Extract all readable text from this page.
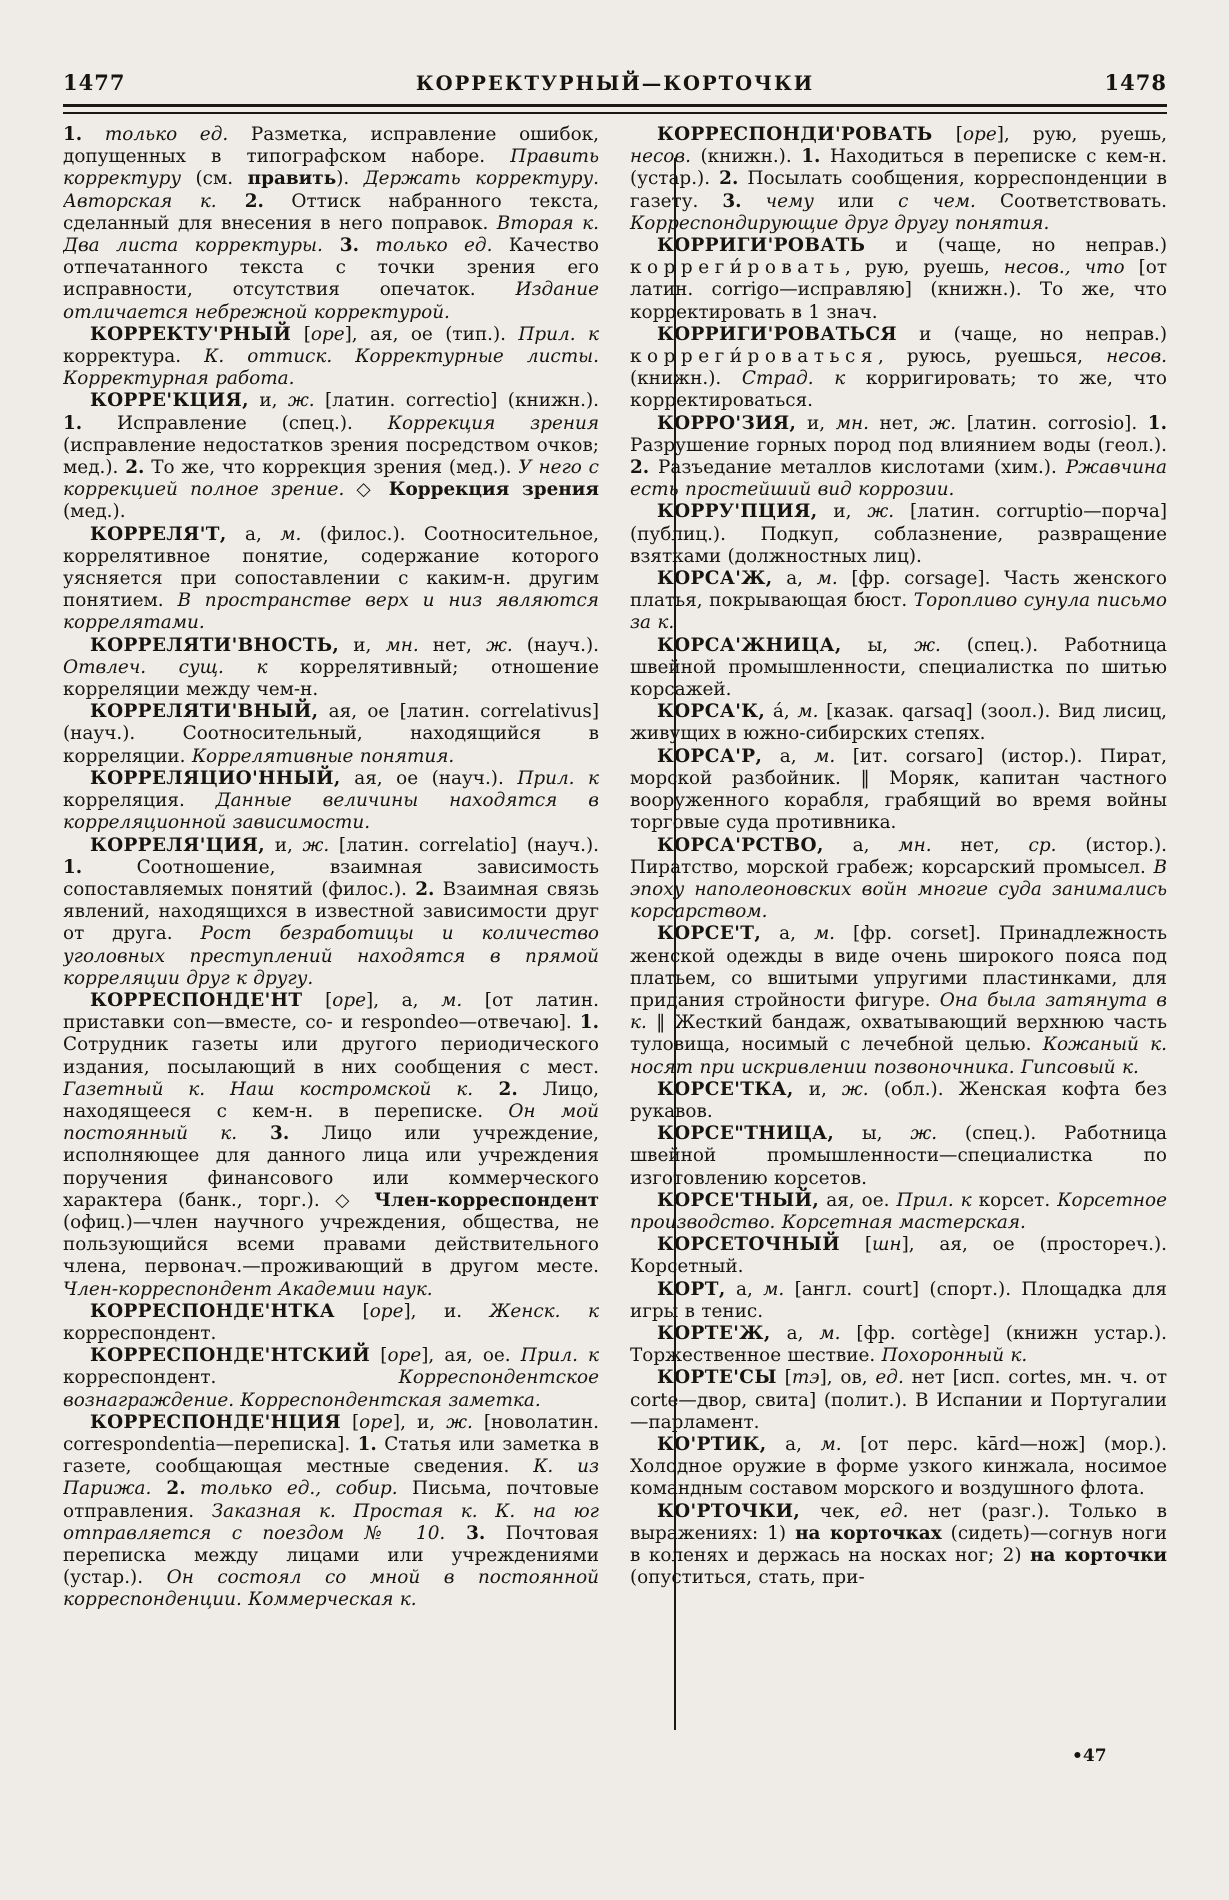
1477	КОРРЕКТУРНЫЙ—КОРТОЧКИ	1478

1. только ед. Разметка, исправление ошибок, допущенных в типографском наборе. Править корректуру (см. править). Держать корректуру. Авторская к. 2. Оттиск набранного текста, сделанный для внесения в него поправок. Вторая к. Два листа корректуры. 3. только ед. Качество отпечатанного текста с точки зрения его исправности, отсутствия опечаток. Издание отличается небрежной корректурой.

КОРРЕКТУ'РНЫЙ [оре], ая, ое (тип.). Прил. к корректура. К. оттиск. Корректурные листы. Корректурная работа.

КОРРЕ'КЦИЯ, и, ж. [латин. correctio] (книжн.). 1. Исправление (спец.). Коррекция зрения (исправление недостатков зрения посредством очков; мед.). 2. То же, что коррекция зрения (мед.). У него с коррекцией полное зрение. ◇ Коррекция зрения (мед.).

КОРРЕЛЯ'Т, а, м. (филос.). Соотносительное, коррелятивное понятие, содержание которого уясняется при сопоставлении с каким-н. другим понятием. В пространстве верх и низ являются коррелятами.

КОРРЕЛЯТИ'ВНОСТЬ, и, мн. нет, ж. (науч.). Отвлеч. сущ. к коррелятивный; отношение корреляции между чем-н.

КОРРЕЛЯТИ'ВНЫЙ, ая, ое [латин. correlativus] (науч.). Соотносительный, находящийся в корреляции. Коррелятивные понятия.

КОРРЕЛЯЦИО'ННЫЙ, ая, ое (науч.). Прил. к корреляция. Данные величины находятся в корреляционной зависимости.

КОРРЕЛЯ'ЦИЯ, и, ж. [латин. correlatio] (науч.). 1. Соотношение, взаимная зависимость сопоставляемых понятий (филос.). 2. Взаимная связь явлений, находящихся в известной зависимости друг от друга. Рост безработицы и количество уголовных преступлений находятся в прямой корреляции друг к другу.

КОРРЕСПОНДЕ'НТ [оре], а, м. [от латин. приставки con—вместе, со- и respondeo—отвечаю]. 1. Сотрудник газеты или другого периодического издания, посылающий в них сообщения с мест. Газетный к. Наш костромской к. 2. Лицо, находящееся с кем-н. в переписке. Он мой постоянный к. 3. Лицо или учреждение, исполняющее для данного лица или учреждения поручения финансового или коммерческого характера (банк., торг.). ◇ Член-корреспондент (офиц.)—член научного учреждения, общества, не пользующийся всеми правами действительного члена, первонач.—проживающий в другом месте. Член-корреспондент Академии наук.

КОРРЕСПОНДЕ'НТКА [оре], и. Женск. к корреспондент.

КОРРЕСПОНДЕ'НТСКИЙ [оре], ая, ое. Прил. к корреспондент. Корреспондентское вознаграждение. Корреспондентская заметка.

КОРРЕСПОНДЕ'НЦИЯ [оре], и, ж. [новолатин. correspondentia—переписка]. 1. Статья или заметка в газете, сообщающая местные сведения. К. из Парижа. 2. только ед., собир. Письма, почтовые отправления. Заказная к. Простая к. К. на юг отправляется с поездом № 10. 3. Почтовая переписка между лицами или учреждениями (устар.). Он состоял со мной в постоянной корреспонденции. Коммерческая к.

КОРРЕСПОНДИ'РОВАТЬ [оре], рую, руешь, несов. (книжн.). 1. Находиться в переписке с кем-н. (устар.). 2. Посылать сообщения, корреспонденции в газету. 3. чему или с чем. Соответствовать. Корреспондирующие друг другу понятия.

КОРРИГИ'РОВАТЬ и (чаще, но неправ.) корреги́ровать, рую, руешь, несов., что [от латин. corrigo—исправляю] (книжн.). То же, что корректировать в 1 знач.

КОРРИГИ'РОВАТЬСЯ и (чаще, но неправ.) корреги́роваться, руюсь, руешься, несов. (книжн.). Страд. к корригировать; то же, что корректироваться.

КОРРО'ЗИЯ, и, мн. нет, ж. [латин. corrosio]. 1. Разрушение горных пород под влиянием воды (геол.). 2. Разъедание металлов кислотами (хим.). Ржавчина есть простейший вид коррозии.

КОРРУ'ПЦИЯ, и, ж. [латин. corruptio—порча] (публиц.). Подкуп, соблазнение, развращение взятками (должностных лиц).

КОРСА'Ж, а, м. [фр. corsage]. Часть женского платья, покрывающая бюст. Торопливо сунула письмо за к.

КОРСА'ЖНИЦА, ы, ж. (спец.). Работница швейной промышленности, специалистка по шитью корсажей.

КОРСА'К, а́, м. [казак. qarsaq] (зоол.). Вид лисиц, живущих в южно-сибирских степях.

КОРСА'Р, а, м. [ит. corsaro] (истор.). Пират, морской разбойник. ‖ Моряк, капитан частного вооруженного корабля, грабящий во время войны торговые суда противника.

КОРСА'РСТВО, а, мн. нет, ср. (истор.). Пиратство, морской грабеж; корсарский промысел. В эпоху наполеоновских войн многие суда занимались корсарством.

КОРСЕ'Т, а, м. [фр. corset]. Принадлежность женской одежды в виде очень широкого пояса под платьем, со вшитыми упругими пластинками, для придания стройности фигуре. Она была затянута в к. ‖ Жесткий бандаж, охватывающий верхнюю часть туловища, носимый с лечебной целью. Кожаный к. носят при искривлении позвоночника. Гипсовый к.

КОРСЕ'ТКА, и, ж. (обл.). Женская кофта без рукавов.

КОРСЕ"ТНИЦА, ы, ж. (спец.). Работница швейной промышленности—специалистка по изготовлению корсетов.

КОРСЕ'ТНЫЙ, ая, ое. Прил. к корсет. Корсетное производство. Корсетная мастерская.

КОРСЕТОЧНЫЙ [шн], ая, ое (простореч.). Корсетный.

КОРТ, а, м. [англ. court] (спорт.). Площадка для игры в тенис.

КОРТЕ'Ж, а, м. [фр. cortège] (книжн устар.). Торжественное шествие. Похоронный к.

КОРТЕ'СЫ [тэ], ов, ед. нет [исп. cortes, мн. ч. от corte—двор, свита] (полит.). В Испании и Португалии—парламент.

КО'РТИК, а, м. [от перс. kārd—нож] (мор.). Холодное оружие в форме узкого кинжала, носимое командным составом морского и воздушного флота.

КО'РТОЧКИ, чек, ед. нет (разг.). Только в выражениях: 1) на корточках (сидеть)—согнув ноги в коленях и держась на носках ног; 2) на корточки (опуститься, стать, при-

•47
